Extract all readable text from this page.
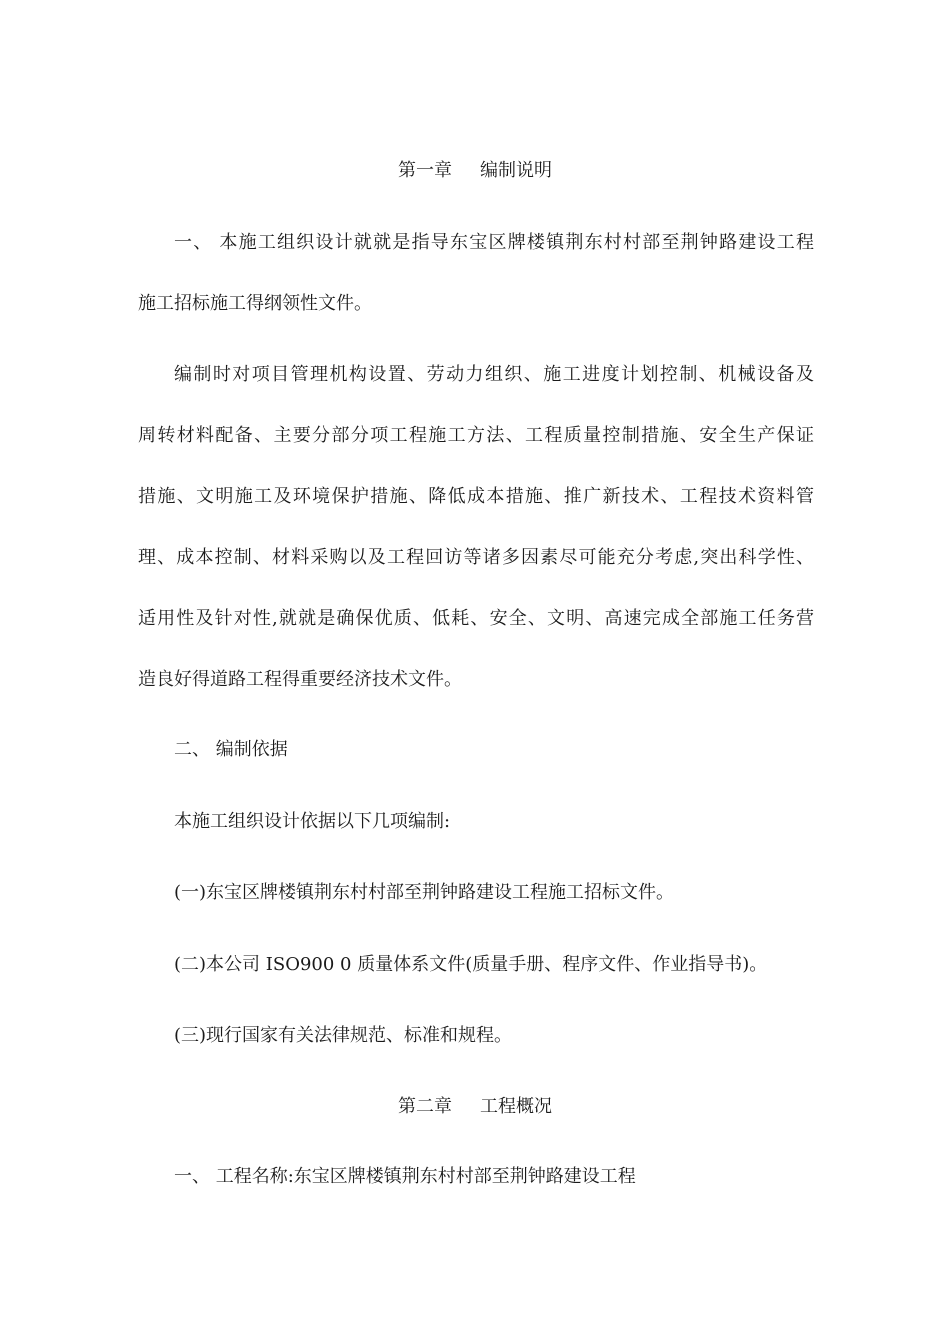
第一章 编制说明
一、 本施工组织设计就就是指导东宝区牌楼镇荆东村村部至荆钟路建设工程
施工招标施工得纲领性文件。
编制时对项目管理机构设置、劳动力组织、施工进度计划控制、机械设备及
周转材料配备、主要分部分项工程施工方法、工程质量控制措施、安全生产保证
措施、文明施工及环境保护措施、降低成本措施、推广新技术、工程技术资料管
理、成本控制、材料采购以及工程回访等诸多因素尽可能充分考虑,突出科学性、
适用性及针对性,就就是确保优质、低耗、安全、文明、高速完成全部施工任务营
造良好得道路工程得重要经济技术文件。
二、 编制依据
本施工组织设计依据以下几项编制:
(一)东宝区牌楼镇荆东村村部至荆钟路建设工程施工招标文件。
(二)本公司 ISO900 0 质量体系文件(质量手册、程序文件、作业指导书)。
(三)现行国家有关法律规范、标准和规程。
第二章 工程概况
一、 工程名称:东宝区牌楼镇荆东村村部至荆钟路建设工程
